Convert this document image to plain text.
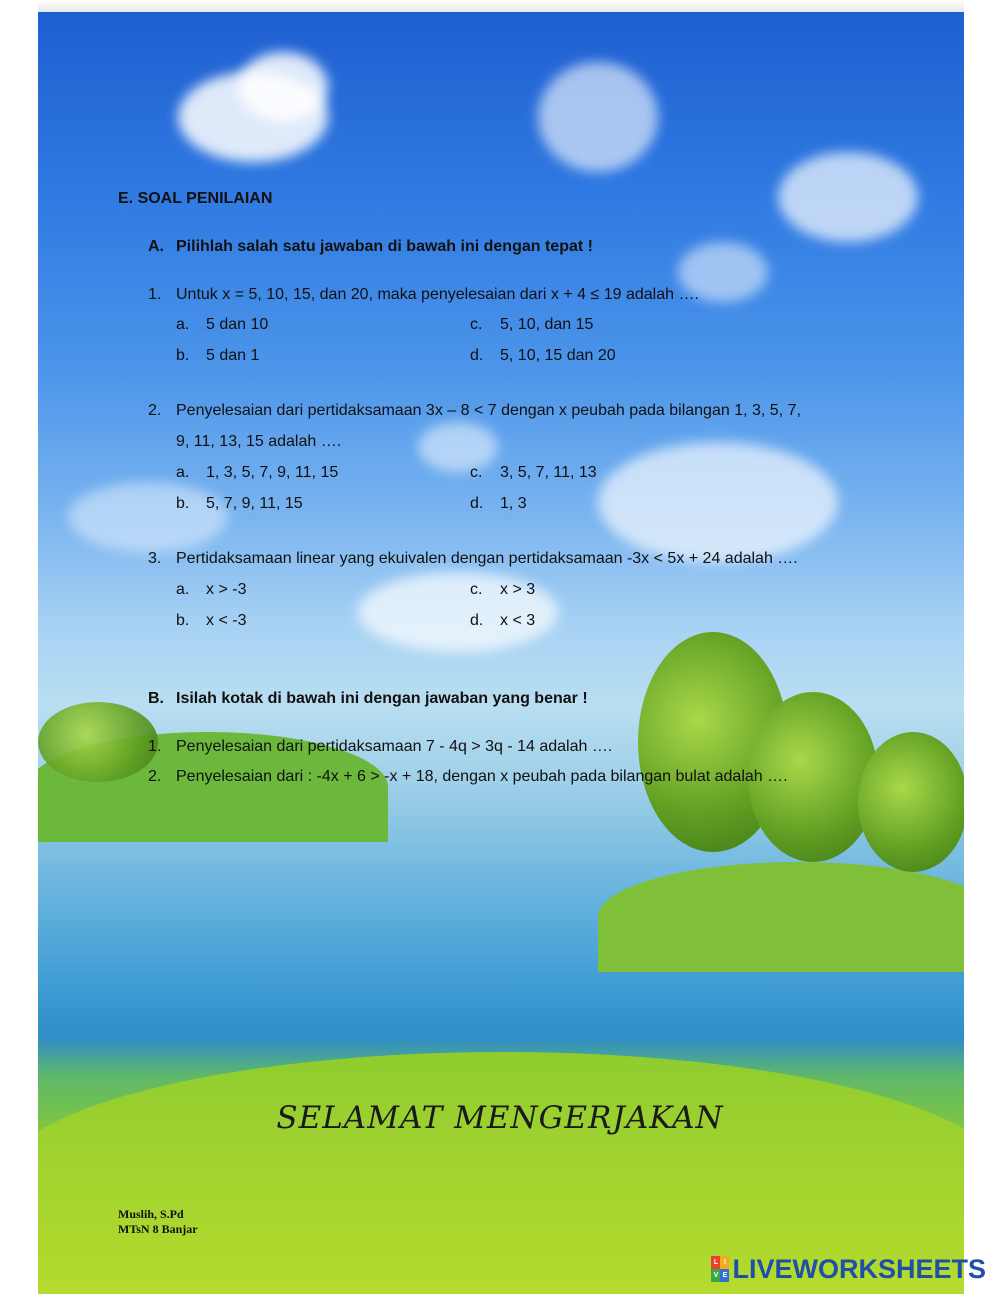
E. SOAL PENILAIAN
A. Pilihlah salah satu jawaban di bawah ini dengan tepat !
1. Untuk x = 5, 10, 15, dan 20, maka penyelesaian dari x + 4 ≤ 19 adalah ….
a. 5 dan 10
b. 5 dan 1
c. 5, 10, dan 15
d. 5, 10, 15 dan 20
2. Penyelesaian dari pertidaksamaan 3x – 8 < 7 dengan x peubah pada bilangan 1, 3, 5, 7,
9, 11, 13, 15 adalah ….
a. 1, 3, 5, 7, 9, 11, 15
b. 5, 7, 9, 11, 15
c. 3, 5, 7, 11, 13
d. 1, 3
3. Pertidaksamaan linear yang ekuivalen dengan pertidaksamaan -3x < 5x + 24 adalah ….
a. x > -3
b. x < -3
c. x > 3
d. x < 3
B. Isilah kotak di bawah ini dengan jawaban yang benar !
1. Penyelesaian dari pertidaksamaan 7 - 4q > 3q - 14 adalah ….
2. Penyelesaian dari : -4x + 6 > -x + 18, dengan x peubah pada bilangan bulat adalah ….
SELAMAT MENGERJAKAN
Muslih, S.Pd
MTsN 8 Banjar
L I
V E LIVEWORKSHEETS
